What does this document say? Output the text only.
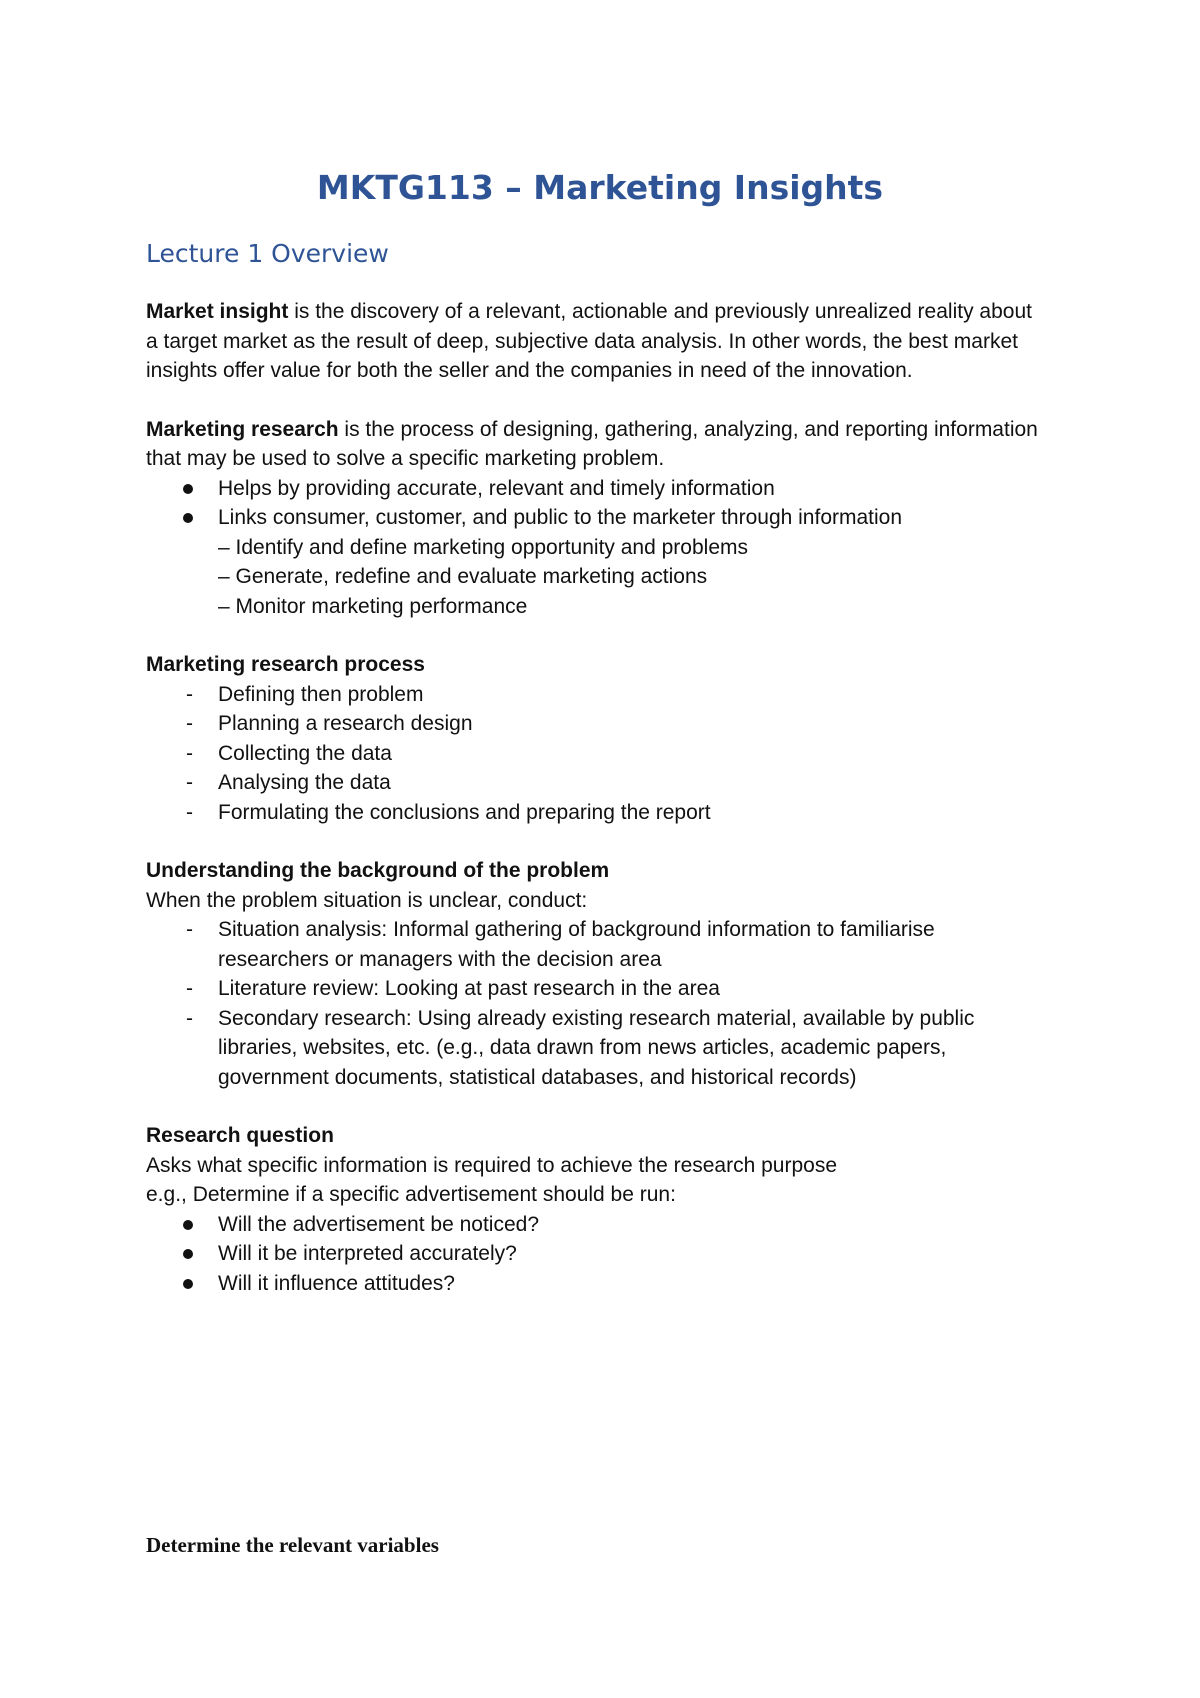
MKTG113 – Marketing Insights
Lecture 1 Overview

Market insight is the discovery of a relevant, actionable and previously unrealized reality about a target market as the result of deep, subjective data analysis. In other words, the best market insights offer value for both the seller and the companies in need of the innovation.

Marketing research is the process of designing, gathering, analyzing, and reporting information that may be used to solve a specific marketing problem.

Helps by providing accurate, relevant and timely information
Links consumer, customer, and public to the marketer through information
– Identify and define marketing opportunity and problems
– Generate, redefine and evaluate marketing actions
– Monitor marketing performance

Marketing research process

- Defining then problem
- Planning a research design
- Collecting the data
- Analysing the data
- Formulating the conclusions and preparing the report

Understanding the background of the problem

When the problem situation is unclear, conduct:

- Situation analysis: Informal gathering of background information to familiarise researchers or managers with the decision area
- Literature review: Looking at past research in the area
- Secondary research: Using already existing research material, available by public libraries, websites, etc. (e.g., data drawn from news articles, academic papers, government documents, statistical databases, and historical records)

Research question

Asks what specific information is required to achieve the research purpose

e.g., Determine if a specific advertisement should be run:

Will the advertisement be noticed?
Will it be interpreted accurately?
Will it influence attitudes?

Determine the relevant variables
